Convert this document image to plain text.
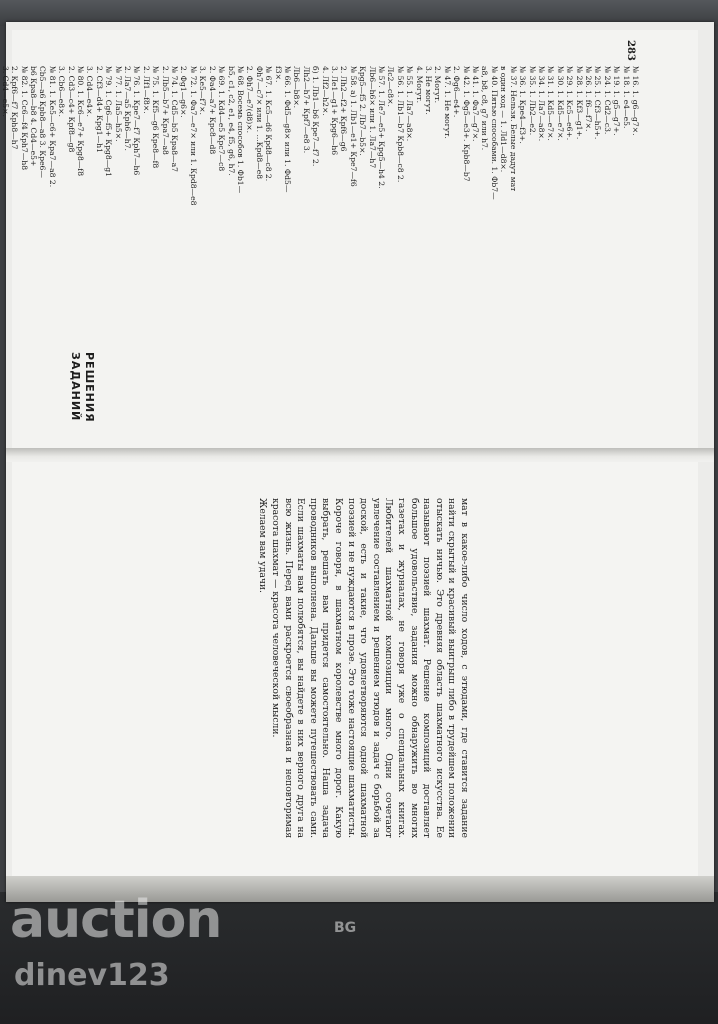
РЕШЕНИЯ
ЗАДАНИЙ
283

№ 16. 1. g6—g7×.

№ 18. 1. e4—e5.

№ 19. 1. g5—g7+.

№ 24. 1. Cd2—c3.

№ 25. 1. Cf3—h5+.

№ 26. 1. f6—f7×.

№ 28. 1. Кf3—g1+.

№ 29. 1. Kc5—e6+.

№ 30. 1. Kd5—e7×.

№ 31. 1. Kd5—e7×.

№ 34. 1. Ла7—a8×.

№ 35. 1. Лb2—e2.

№ 36. 1. Крe4—f3+.

№ 37. Нельзя. Белые дадут мат

в один ход — 1. Лd1—d8×.

№ 40. Пятью способами. 1. Фb7—

a8, b8, c8, g7 или h7.

№ 41. 1. Фa7—g7×.

№ 42. 1. Фg5—e3+. Крb8—b7

2. Фg6—e4+.

№ 47. 1. Не могут.

2. Могут.

3. Не могут.

4. Могут.

№ 55. 1. Лa7—a8×.

№ 56. 1. Лb1—b7 Крb8—c8 2.

Лc2—c8×.

№ 57. 1. Лe7—e5+ Крg5—h4 2.

Лb6—h6× или 1. Лa7—h7

Крg5—f5 2. Лb7—b5×.

№ 58. а) 1. Лb1—e1+ Крe7—f6

2. Лh2—f2+ Крf6—g6

3. Лe1—g1+ Крg6—h6

4. Лf2—h2×.

б) 1. Лb1—b6 Крe7—f7 2.

Лh2—h7+ Крf7—e8 3.

Лb6—b8×.

№ 66. 1. Фd5—g8× или 1. Фd5—

f3×.

№ 67. 1. Кc5—d6 Крd8—c8 2.

Фh7—c7× или 1. ...Крd8—e8

2. Фh7—e7(d8)×.

№ 68. Восемь способов 1. Фb1—

b5, c1, c2, e1, e4, f5, g6, h7.

№ 69. 1. Кd4—e5 Крc7—c8

2. Фa4—a7+ Крc8—d8

3. Кe5—f7×.

№ 72. 1. Фa7—e7× или 1. Крd8—e8

2. Фg1—g6×.

№ 74. 1. Cd5—b5 Крa8—a7

2. Лb5—b7+ Крa7—a8

№ 75. 1. Кf5—g6 Крe8—f8

2. Лf1—f8×.

№ 76. 1. Крe7—f7 Крh7—h6

2. Лa7—a5 Крh6—h7.

№ 77. 1. Лa5—h5×.

№ 79. 1. Cg6—f5+ Крg8—g1

2. Cf3—d4+ Крg1—h1

3. Cd4—e4×.

№ 80. 1. Кc6—e7+ Крg8—f8

2. Cd3—c4+ Крf8—g8

3. Cb6—e8×.

№ 81. 1. Кe5—c6+ Крa7—a8 2.

Cb5—a6 Крb8—a8 3. Крe6—

b6 Крa8—b8 4. Cd4—e5+

№ 82. 1. Cc6—f4 Крh7—h8

2. Крf6—f7 Крh8—h7

3. Cd4—e5×.

мат в какое-либо число ходов, с этюдами, где ставится задание найти скрытый и красивый выигрыш либо в трудейшем положении отыскать ничью. Это древняя область шахматного искусства. Ее называют поэзией шахмат. Решение композиций доставляет большое удовольствие, задания можно обнаружить во многих газетах и журналах, не говоря уже о специальных книгах. Любителей шахматной композиции много. Одни сочетают увлечение составлением и решением этюдов и задач с борьбой за доской, есть и такие, что удовлетворяются одной шахматной поэзией и не нуждаются в прозе. Это тоже настоящие шахматисты. Короче говоря, в шахматном королевстве много дорог. Какую выбрать, решать вам придется самостоятельно. Наша задача проводников выполнена. Дальше вы можете путешествовать сами. Если шахматы вам полюбятся, вы найдете в них верного друга на всю жизнь. Перед вами раскроется своеобразная и неповторимая красота шахмат — красота человеческой мысли.

Желаем вам удачи.

auction	BG
dinev123
